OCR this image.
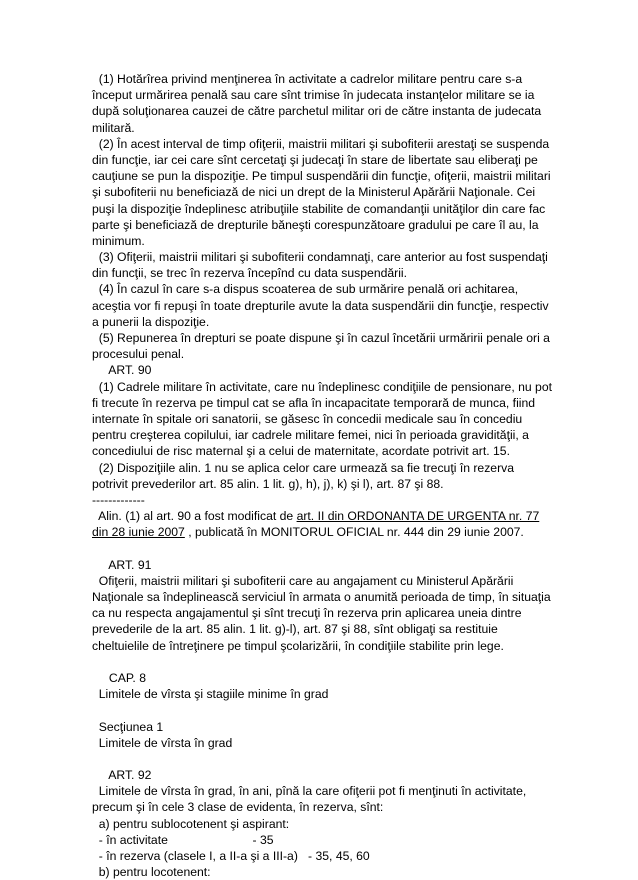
(1) Hotărîrea privind menţinerea în activitate a cadrelor militare pentru care s-a
început urmărirea penală sau care sînt trimise în judecata instanţelor militare se ia
după soluţionarea cauzei de către parchetul militar ori de către instanta de judecata
militară.
(2) În acest interval de timp ofiţerii, maistrii militari şi subofiterii arestaţi se suspenda
din funcţie, iar cei care sînt cercetaţi şi judecaţi în stare de libertate sau eliberaţi pe
cauţiune se pun la dispoziţie. Pe timpul suspendării din funcţie, ofiţerii, maistrii militari
şi subofiterii nu beneficiază de nici un drept de la Ministerul Apărării Naţionale. Cei
puşi la dispoziţie îndeplinesc atribuţiile stabilite de comandanţii unităţilor din care fac
parte şi beneficiază de drepturile băneşti corespunzătoare gradului pe care îl au, la
minimum.
(3) Ofiţerii, maistrii militari şi subofiterii condamnaţi, care anterior au fost suspendaţi
din funcţii, se trec în rezerva începînd cu data suspendării.
(4) În cazul în care s-a dispus scoaterea de sub urmărire penală ori achitarea,
aceştia vor fi repuşi în toate drepturile avute la data suspendării din funcţie, respectiv
a punerii la dispoziţie.
(5) Repunerea în drepturi se poate dispune şi în cazul încetării urmăririi penale ori a
procesului penal.
ART. 90
(1) Cadrele militare în activitate, care nu îndeplinesc condiţiile de pensionare, nu pot
fi trecute în rezerva pe timpul cat se afla în incapacitate temporară de munca, fiind
internate în spitale ori sanatorii, se găsesc în concedii medicale sau în concediu
pentru creşterea copilului, iar cadrele militare femei, nici în perioada gravidităţii, a
concediului de risc maternal şi a celui de maternitate, acordate potrivit art. 15.
(2) Dispoziţiile alin. 1 nu se aplica celor care urmează sa fie trecuţi în rezerva
potrivit prevederilor art. 85 alin. 1 lit. g), h), j), k) şi l), art. 87 şi 88.
-------------
Alin. (1) al art. 90 a fost modificat de art. II din ORDONANTA DE URGENTA nr. 77
din 28 iunie 2007 , publicată în MONITORUL OFICIAL nr. 444 din 29 iunie 2007.
ART. 91
Ofiţerii, maistrii militari şi subofiterii care au angajament cu Ministerul Apărării
Naţionale sa îndeplinească serviciul în armata o anumită perioada de timp, în situaţia
ca nu respecta angajamentul şi sînt trecuţi în rezerva prin aplicarea uneia dintre
prevederile de la art. 85 alin. 1 lit. g)-l), art. 87 şi 88, sînt obligaţi sa restituie
cheltuielile de întreţinere pe timpul şcolarizării, în condiţiile stabilite prin lege.
CAP. 8
Limitele de vîrsta şi stagiile minime în grad
Secţiunea 1
Limitele de vîrsta în grad
ART. 92
Limitele de vîrsta în grad, în ani, pînă la care ofiţerii pot fi menţinuti în activitate,
precum şi în cele 3 clase de evidenta, în rezerva, sînt:
a) pentru sublocotenent şi aspirant:
- în activitate                         - 35
- în rezerva (clasele I, a II-a şi a III-a)   - 35, 45, 60
b) pentru locotenent:
